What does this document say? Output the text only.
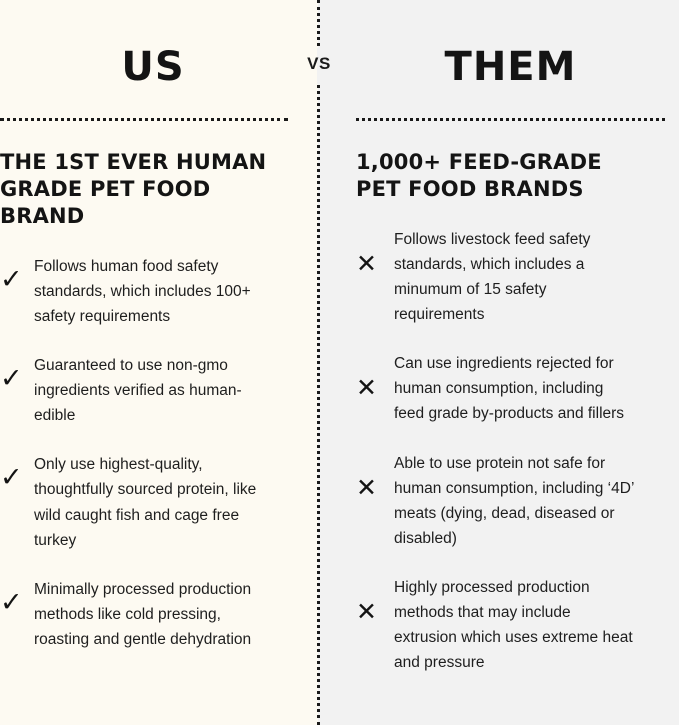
US
THE 1ST EVER HUMAN GRADE PET FOOD BRAND
✓ Follows human food safety standards, which includes 100+ safety requirements
✓ Guaranteed to use non-gmo ingredients verified as human-edible
✓ Only use highest-quality, thoughtfully sourced protein, like wild caught fish and cage free turkey
✓ Minimally processed production methods like cold pressing, roasting and gentle dehydration
THEM
1,000+ FEED-GRADE PET FOOD BRANDS
✕
Follows livestock feed safety standards, which includes a minumum of 15 safety requirements
✕
Can use ingredients rejected for human consumption, including feed grade by-products and fillers
✕
Able to use protein not safe for human consumption, including ‘4D’ meats (dying, dead, diseased or disabled)
✕
Highly processed production methods that may include extrusion which uses extreme heat and pressure
VS
